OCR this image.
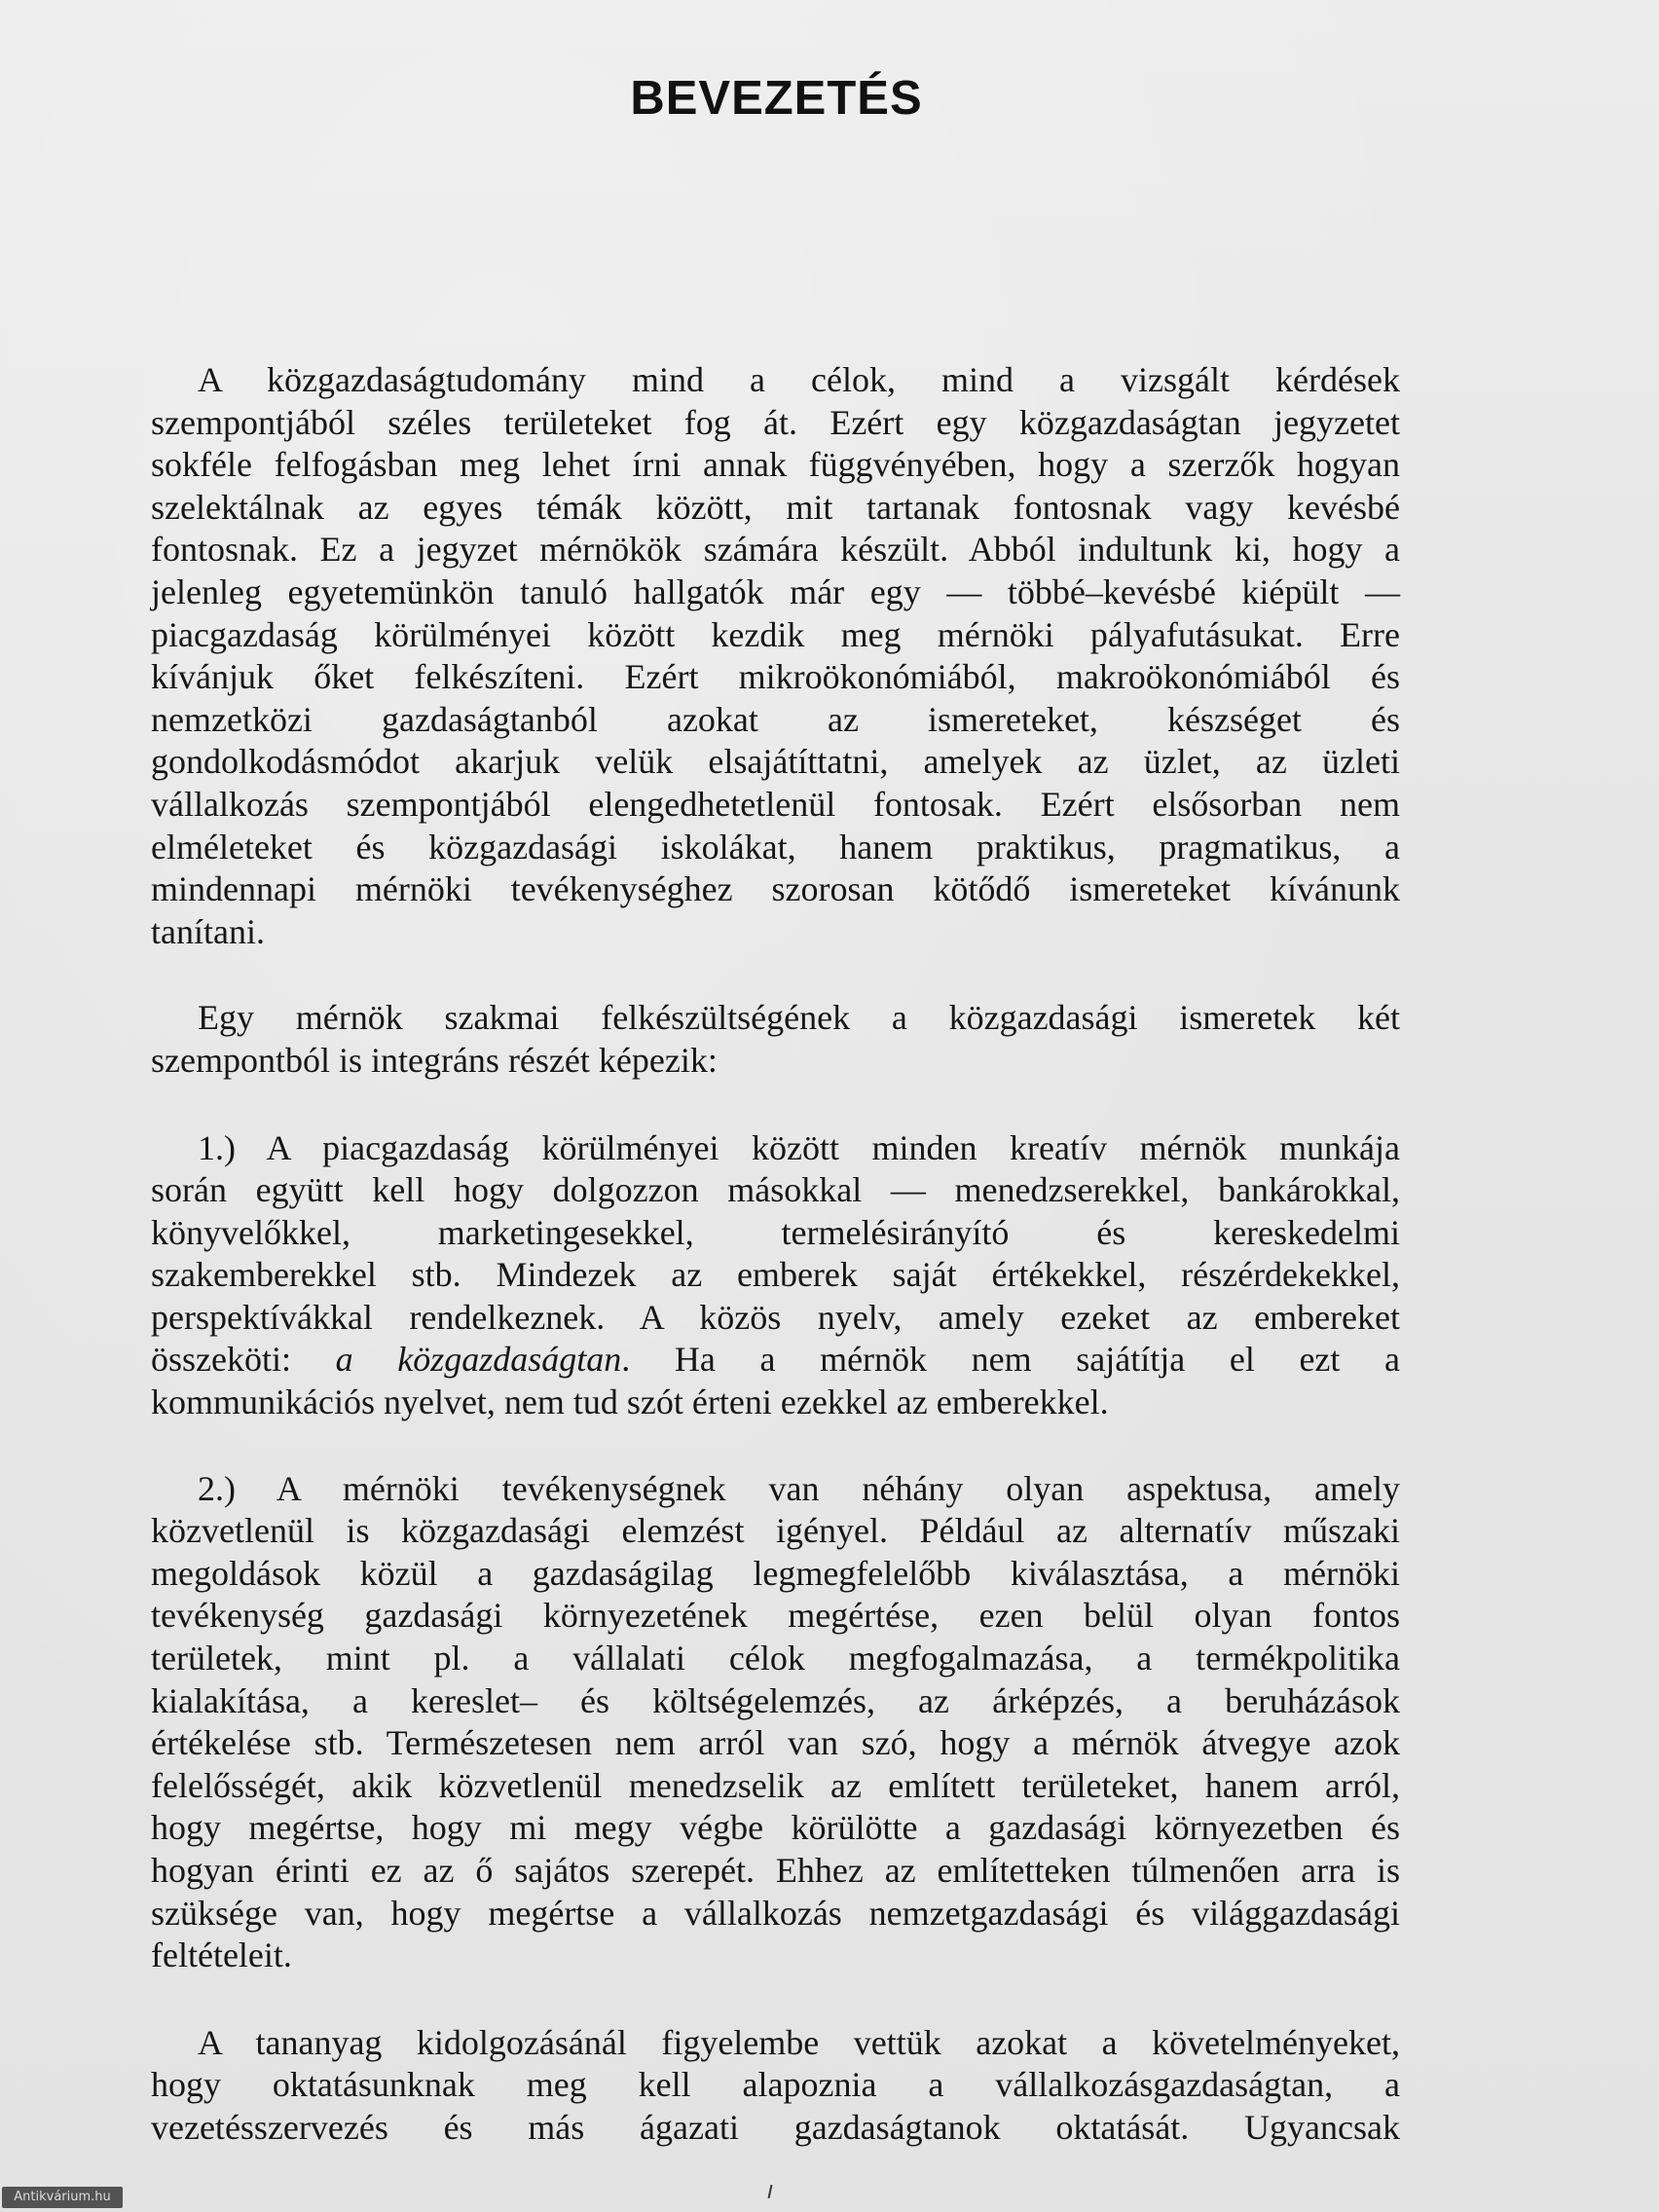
BEVEZETÉS

A közgazdaságtudomány mind a célok, mind a vizsgált kérdések
szempontjából széles területeket fog át. Ezért egy közgazdaságtan jegyzetet
sokféle felfogásban meg lehet írni annak függvényében, hogy a szerzők hogyan
szelektálnak az egyes témák között, mit tartanak fontosnak vagy kevésbé
fontosnak. Ez a jegyzet mérnökök számára készült. Abból indultunk ki, hogy a
jelenleg egyetemünkön tanuló hallgatók már egy — többé–kevésbé kiépült —
piacgazdaság körülményei között kezdik meg mérnöki pályafutásukat. Erre
kívánjuk őket felkészíteni. Ezért mikroökonómiából, makroökonómiából és
nemzetközi gazdaságtanból azokat az ismereteket, készséget és
gondolkodásmódot akarjuk velük elsajátíttatni, amelyek az üzlet, az üzleti
vállalkozás szempontjából elengedhetetlenül fontosak. Ezért elsősorban nem
elméleteket és közgazdasági iskolákat, hanem praktikus, pragmatikus, a
mindennapi mérnöki tevékenységhez szorosan kötődő ismereteket kívánunk
tanítani.

Egy mérnök szakmai felkészültségének a közgazdasági ismeretek két
szempontból is integráns részét képezik:

1.) A piacgazdaság körülményei között minden kreatív mérnök munkája
során együtt kell hogy dolgozzon másokkal — menedzserekkel, bankárokkal,
könyvelőkkel, marketingesekkel, termelésirányító és kereskedelmi
szakemberekkel stb. Mindezek az emberek saját értékekkel, részérdekekkel,
perspektívákkal rendelkeznek. A közös nyelv, amely ezeket az embereket
összeköti: a közgazdaságtan. Ha a mérnök nem sajátítja el ezt a
kommunikációs nyelvet, nem tud szót érteni ezekkel az emberekkel.

2.) A mérnöki tevékenységnek van néhány olyan aspektusa, amely
közvetlenül is közgazdasági elemzést igényel. Például az alternatív műszaki
megoldások közül a gazdaságilag legmegfelelőbb kiválasztása, a mérnöki
tevékenység gazdasági környezetének megértése, ezen belül olyan fontos
területek, mint pl. a vállalati célok megfogalmazása, a termékpolitika
kialakítása, a kereslet– és költségelemzés, az árképzés, a beruházások
értékelése stb. Természetesen nem arról van szó, hogy a mérnök átvegye azok
felelősségét, akik közvetlenül menedzselik az említett területeket, hanem arról,
hogy megértse, hogy mi megy végbe körülötte a gazdasági környezetben és
hogyan érinti ez az ő sajátos szerepét. Ehhez az említetteken túlmenően arra is
szüksége van, hogy megértse a vállalkozás nemzetgazdasági és világgazdasági
feltételeit.

A tananyag kidolgozásánál figyelembe vettük azokat a követelményeket,
hogy oktatásunknak meg kell alapoznia a vállalkozásgazdaságtan, a
vezetésszervezés és más ágazati gazdaságtanok oktatását. Ugyancsak

Antikvárium.hu
